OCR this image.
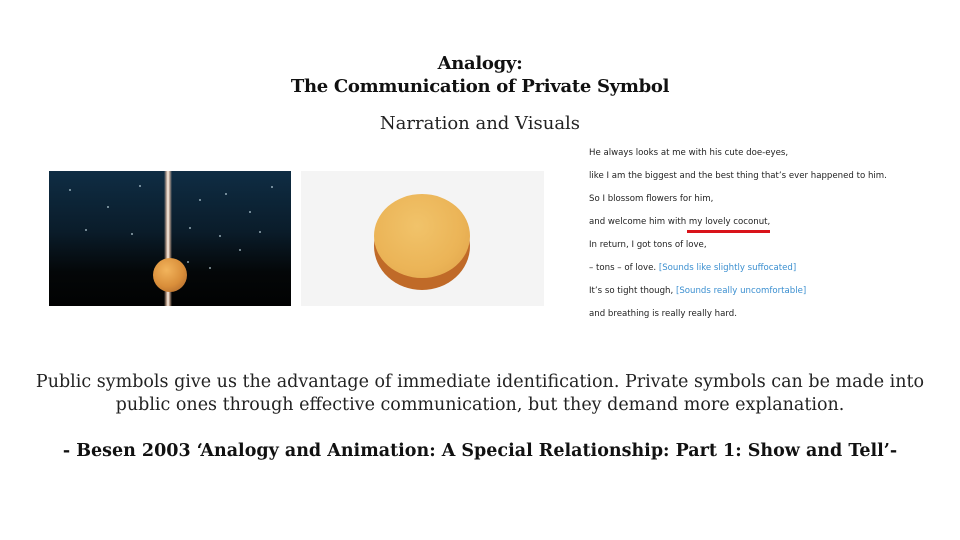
Analogy:
The Communication of Private Symbol
Narration and Visuals
He always looks at me with his cute doe-eyes,
like I am the biggest and the best thing that’s ever happened to him.
So I blossom flowers for him,
and welcome him with my lovely coconut
,
In return, I got tons of love,
– tons – of love. [Sounds like slightly suffocated]
It’s so tight though, [Sounds really uncomfortable]
and breathing is really really hard.
Public symbols give us the advantage of immediate identification. Private symbols can be made into
public ones through effective communication, but they demand more explanation.
- Besen 2003 ‘Analogy and Animation: A Special Relationship: Part 1: Show and Tell’-
